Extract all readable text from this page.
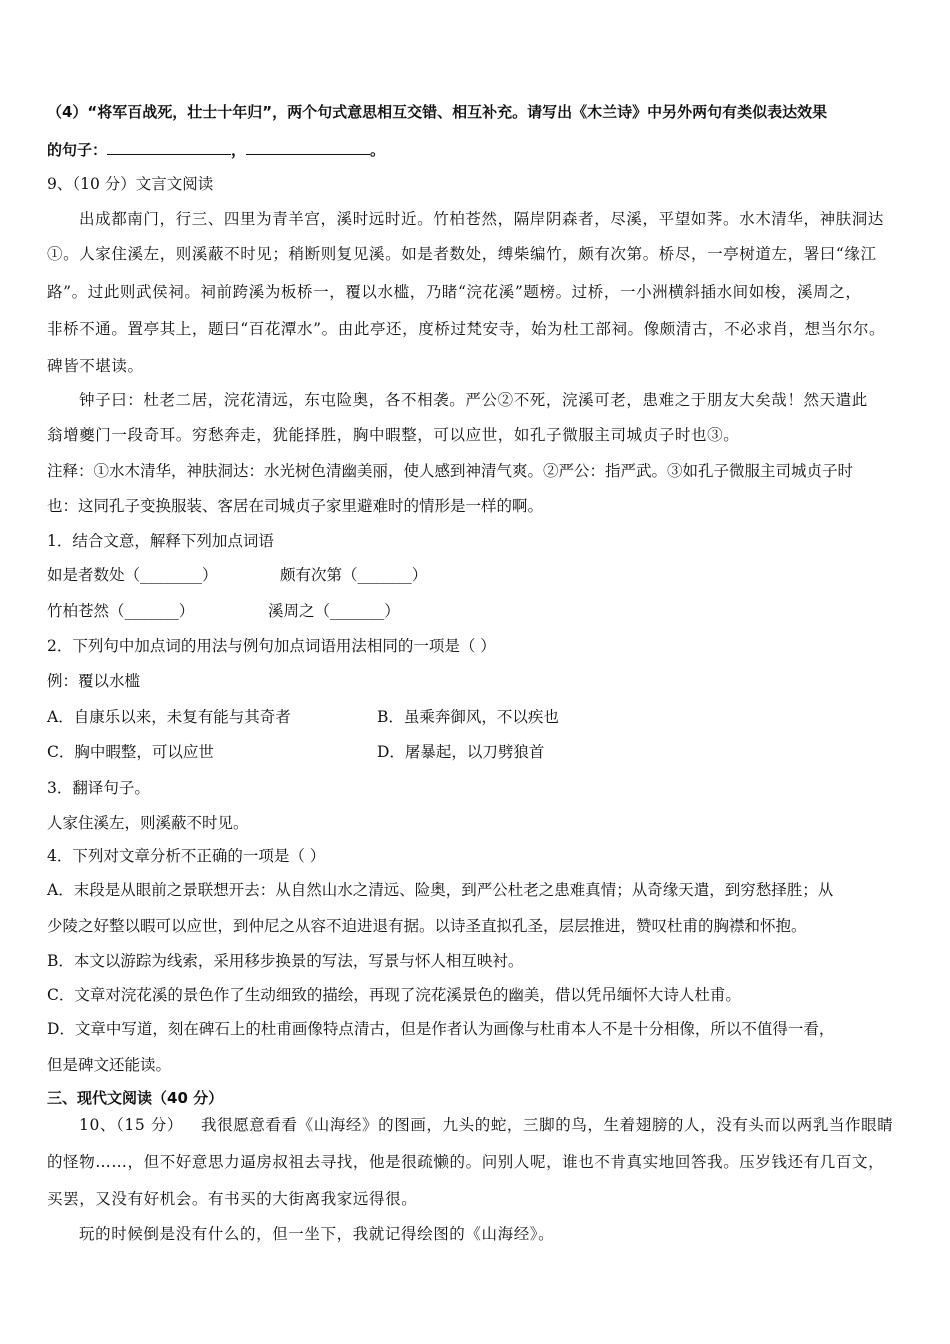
（4）“将军百战死，壮士十年归”，两个句式意思相互交错、相互补充。请写出《木兰诗》中另外两句有类似表达效果
的句子：	，	。
9、（10 分）文言文阅读
出成都南门，行三、四里为青羊宫，溪时远时近。竹柏苍然，隔岸阴森者，尽溪，平望如荠。水木清华，神肤洞达
①。人家住溪左，则溪蔽不时见；稍断则复见溪。如是者数处，缚柴编竹，颇有次第。桥尽，一亭树道左，署曰“缘江
路”。过此则武侯祠。祠前跨溪为板桥一，覆以水槛，乃睹“浣花溪”题榜。过桥，一小洲横斜插水间如梭，溪周之，
非桥不通。置亭其上，题曰“百花潭水”。由此亭还，度桥过梵安寺，始为杜工部祠。像颇清古，不必求肖，想当尔尔。
碑皆不堪读。
钟子曰：杜老二居，浣花清远，东屯险奥，各不相袭。严公②不死，浣溪可老，患难之于朋友大矣哉！然天遣此
翁增夔门一段奇耳。穷愁奔走，犹能择胜，胸中暇整，可以应世，如孔子微服主司城贞子时也③。
注释：①水木清华，神肤洞达：水光树色清幽美丽，使人感到神清气爽。②严公：指严武。③如孔子微服主司城贞子时
也：这同孔子变换服装、客居在司城贞子家里避难时的情形是一样的啊。
1．结合文意，解释下列加点词语
如是者数处（________）	颇有次第（_______）
竹柏苍然（_______）	溪周之（_______）
2．下列句中加点词的用法与例句加点词语用法相同的一项是（ ）
例：覆以水槛
A．自康乐以来，未复有能与其奇者	B．虽乘奔御风，不以疾也
C．胸中暇整，可以应世	D．屠暴起，以刀劈狼首
3．翻译句子。
人家住溪左，则溪蔽不时见。
4．下列对文章分析不正确的一项是（ ）
A．末段是从眼前之景联想开去：从自然山水之清远、险奥，到严公杜老之患难真情；从奇缘天遣，到穷愁择胜；从
少陵之好整以暇可以应世，到仲尼之从容不迫进退有据。以诗圣直拟孔圣，层层推进，赞叹杜甫的胸襟和怀抱。
B．本文以游踪为线索，采用移步换景的写法，写景与怀人相互映衬。
C．文章对浣花溪的景色作了生动细致的描绘，再现了浣花溪景色的幽美，借以凭吊缅怀大诗人杜甫。
D．文章中写道，刻在碑石上的杜甫画像特点清古，但是作者认为画像与杜甫本人不是十分相像，所以不值得一看，
但是碑文还能读。
三、现代文阅读（40 分）
10、（15 分） 我很愿意看看《山海经》的图画，九头的蛇，三脚的鸟，生着翅膀的人，没有头而以两乳当作眼睛
的怪物……，但不好意思力逼房叔祖去寻找，他是很疏懒的。问别人呢，谁也不肯真实地回答我。压岁钱还有几百文，
买罢，又没有好机会。有书买的大街离我家远得很。
玩的时候倒是没有什么的，但一坐下，我就记得绘图的《山海经》。
